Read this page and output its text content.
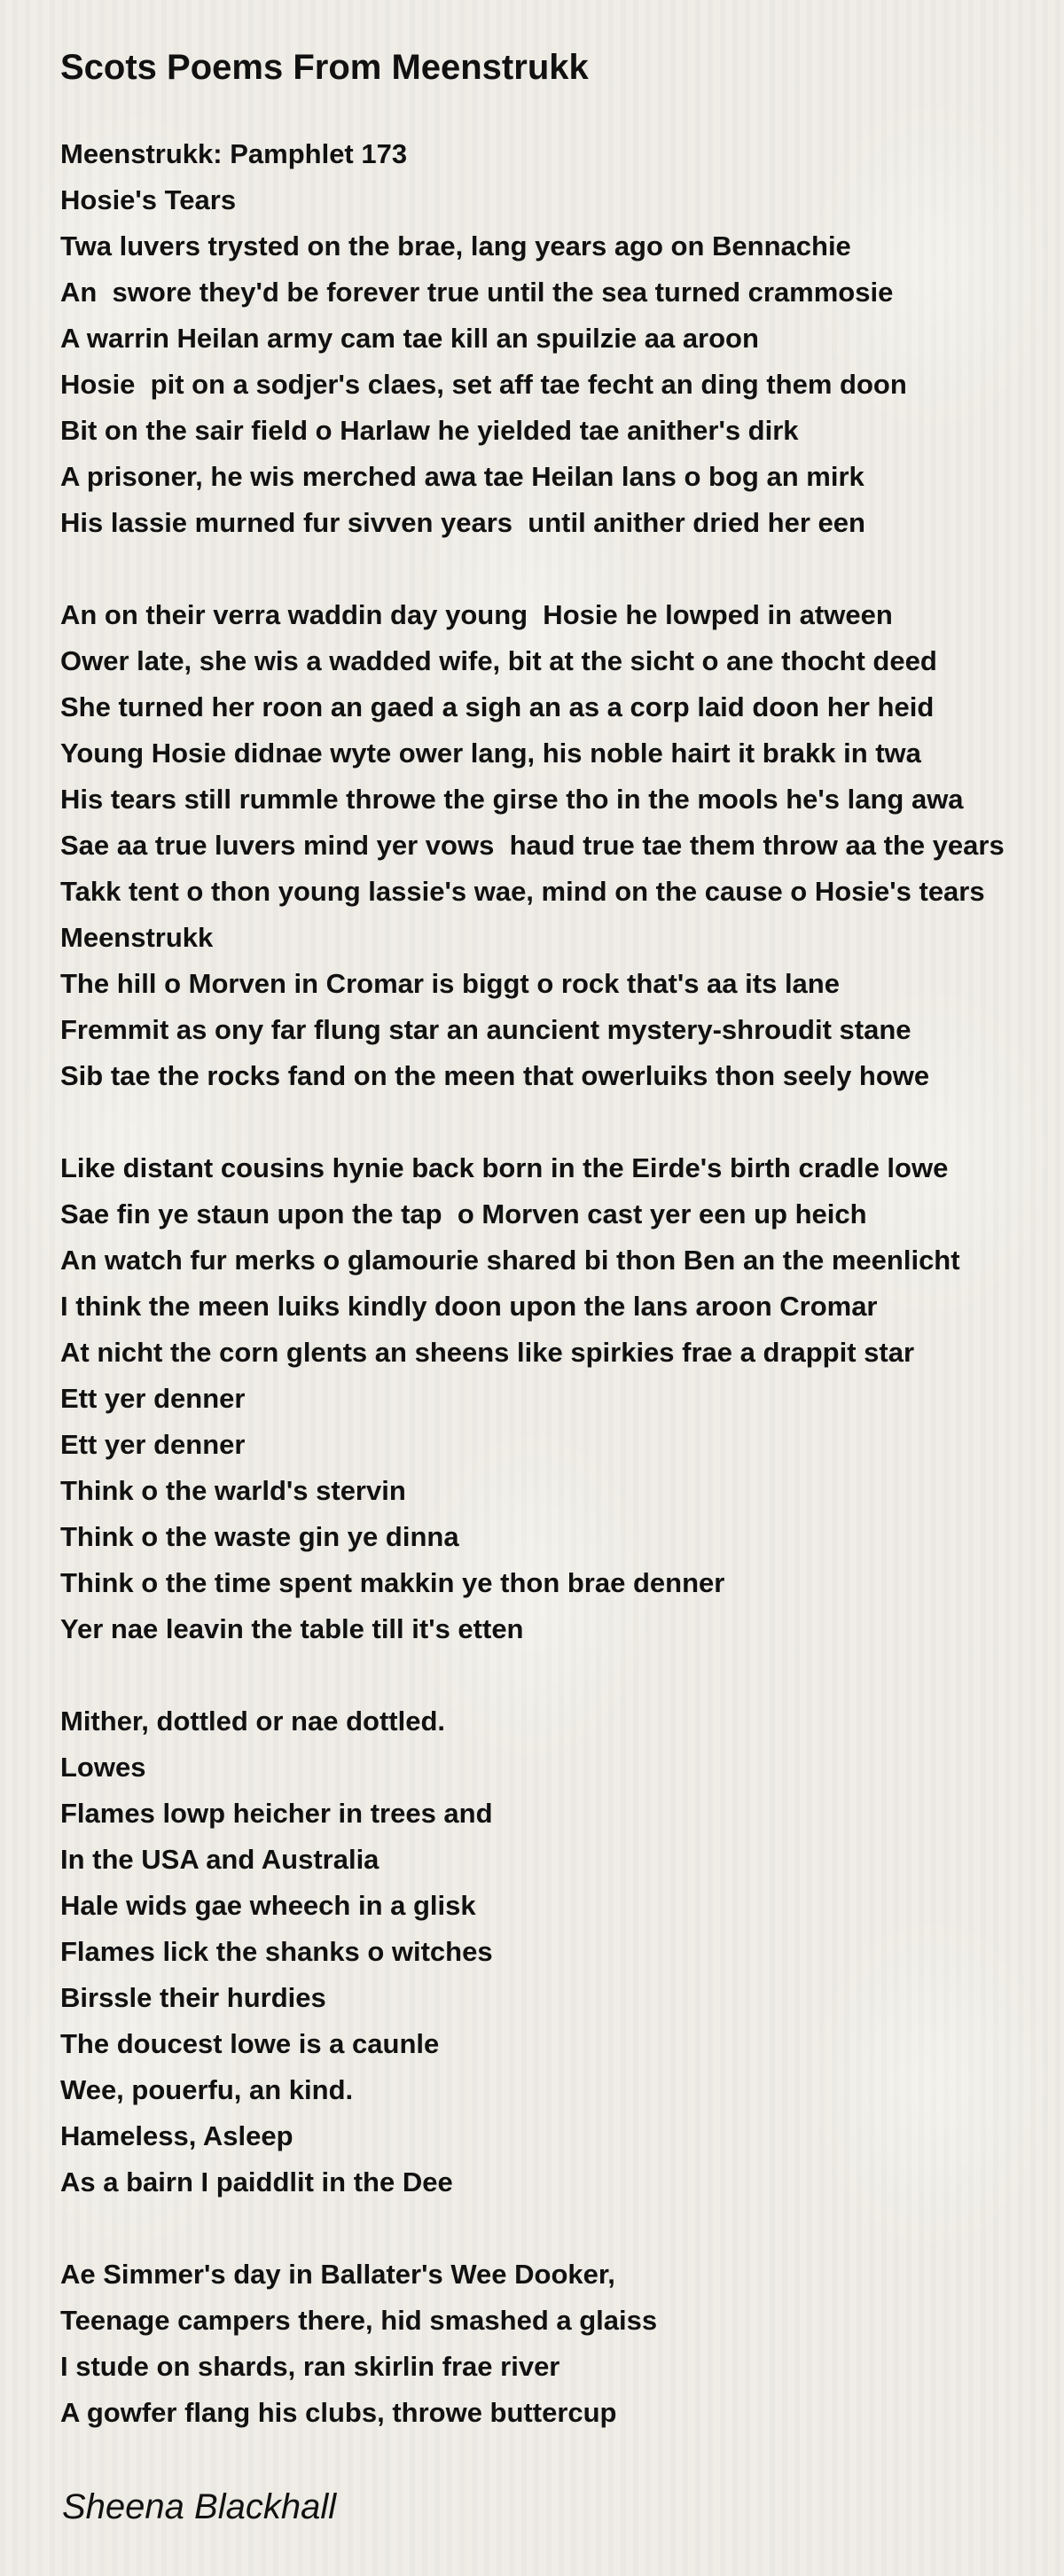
Scots Poems From Meenstrukk
Meenstrukk: Pamphlet 173
Hosie's Tears
Twa luvers trysted on the brae, lang years ago on Bennachie
An  swore they'd be forever true until the sea turned crammosie
A warrin Heilan army cam tae kill an spuilzie aa aroon
Hosie  pit on a sodjer's claes, set aff tae fecht an ding them doon
Bit on the sair field o Harlaw he yielded tae anither's dirk
A prisoner, he wis merched awa tae Heilan lans o bog an mirk
His lassie murned fur sivven years  until anither dried her een
An on their verra waddin day young  Hosie he lowped in atween
Ower late, she wis a wadded wife, bit at the sicht o ane thocht deed
She turned her roon an gaed a sigh an as a corp laid doon her heid
Young Hosie didnae wyte ower lang, his noble hairt it brakk in twa
His tears still rummle throwe the girse tho in the mools he's lang awa
Sae aa true luvers mind yer vows  haud true tae them throw aa the years
Takk tent o thon young lassie's wae, mind on the cause o Hosie's tears
Meenstrukk
The hill o Morven in Cromar is biggt o rock that's aa its lane
Fremmit as ony far flung star an auncient mystery-shroudit stane
Sib tae the rocks fand on the meen that owerluiks thon seely howe
Like distant cousins hynie back born in the Eirde's birth cradle lowe
Sae fin ye staun upon the tap  o Morven cast yer een up heich
An watch fur merks o glamourie shared bi thon Ben an the meenlicht
I think the meen luiks kindly doon upon the lans aroon Cromar
At nicht the corn glents an sheens like spirkies frae a drappit star
Ett yer denner
Ett yer denner
Think o the warld's stervin
Think o the waste gin ye dinna
Think o the time spent makkin ye thon brae denner
Yer nae leavin the table till it's etten
Mither, dottled or nae dottled.
Lowes
Flames lowp heicher in trees and
In the USA and Australia
Hale wids gae wheech in a glisk
Flames lick the shanks o witches
Birssle their hurdies
The doucest lowe is a caunle
Wee, pouerfu, an kind.
Hameless, Asleep
As a bairn I paiddlit in the Dee
Ae Simmer's day in Ballater's Wee Dooker,
Teenage campers there, hid smashed a glaiss
I stude on shards, ran skirlin frae river
A gowfer flang his clubs, throwe buttercup
Sheena Blackhall
